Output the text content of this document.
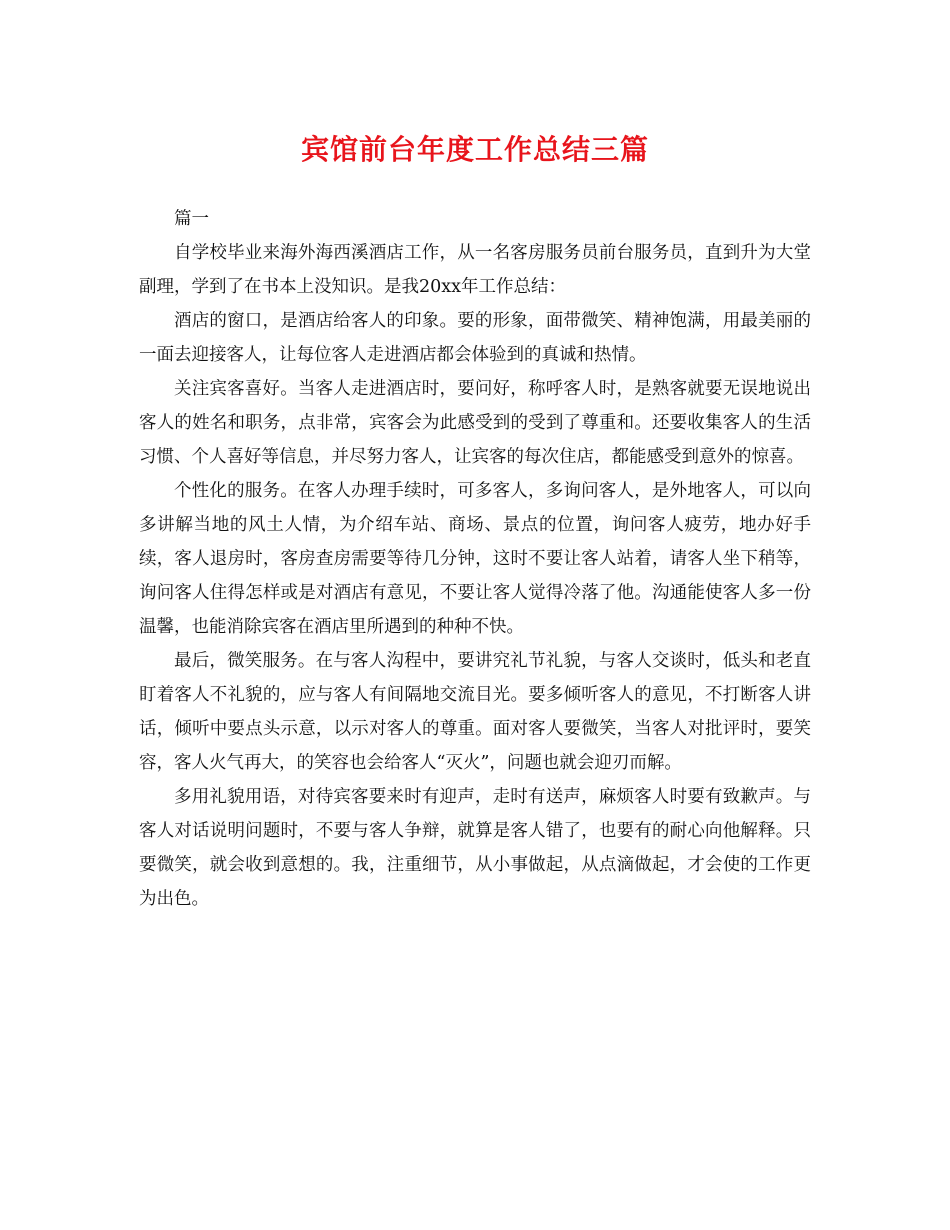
宾馆前台年度工作总结三篇

篇一

自学校毕业来海外海西溪酒店工作，从一名客房服务员前台服务员，直到升为大堂副理，学到了在书本上没知识。是我20xx年工作总结：

酒店的窗口，是酒店给客人的印象。要的形象，面带微笑、精神饱满，用最美丽的一面去迎接客人，让每位客人走进酒店都会体验到的真诚和热情。

关注宾客喜好。当客人走进酒店时，要问好，称呼客人时，是熟客就要无误地说出客人的姓名和职务，点非常，宾客会为此感受到的受到了尊重和。还要收集客人的生活习惯、个人喜好等信息，并尽努力客人，让宾客的每次住店，都能感受到意外的惊喜。

个性化的服务。在客人办理手续时，可多客人，多询问客人，是外地客人，可以向多讲解当地的风土人情，为介绍车站、商场、景点的位置，询问客人疲劳，地办好手续，客人退房时，客房查房需要等待几分钟，这时不要让客人站着，请客人坐下稍等，询问客人住得怎样或是对酒店有意见，不要让客人觉得冷落了他。沟通能使客人多一份温馨，也能消除宾客在酒店里所遇到的种种不快。

最后，微笑服务。在与客人沟程中，要讲究礼节礼貌，与客人交谈时，低头和老直盯着客人不礼貌的，应与客人有间隔地交流目光。要多倾听客人的意见，不打断客人讲话，倾听中要点头示意，以示对客人的尊重。面对客人要微笑，当客人对批评时，要笑容，客人火气再大，的笑容也会给客人“灭火”，问题也就会迎刃而解。

多用礼貌用语，对待宾客要来时有迎声，走时有送声，麻烦客人时要有致歉声。与客人对话说明问题时，不要与客人争辩，就算是客人错了，也要有的耐心向他解释。只要微笑，就会收到意想的。我，注重细节，从小事做起，从点滴做起，才会使的工作更为出色。
